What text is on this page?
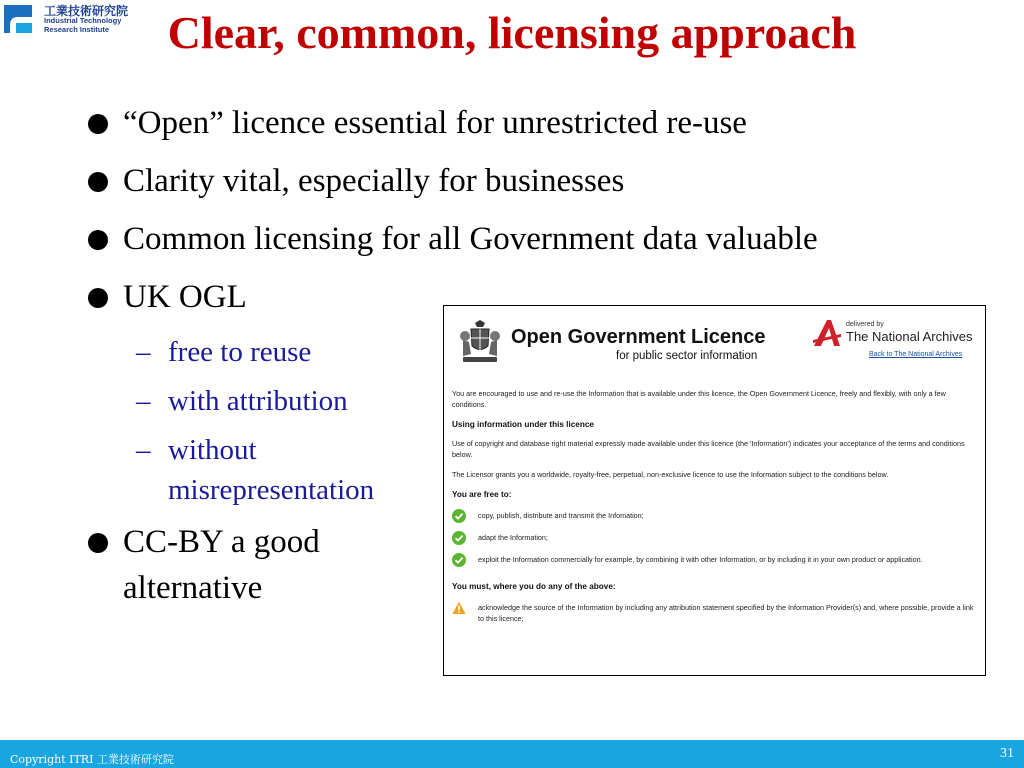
工業技術研究院
Industrial Technology
Research Institute	Clear, common, licensing approach
“Open” licence essential for unrestricted re-use
Clarity vital, especially for businesses
Common licensing for all Government data valuable
UK OGL
– free to reuse
– with attribution
– without misrepresentation
CC-BY a good alternative
Open Government Licence
for public sector information
delivered by
The National Archives
Back to The National Archives

You are encouraged to use and re-use the Information that is available under this licence, the Open Government Licence, freely and flexibly, with only a few conditions.

Using information under this licence

Use of copyright and database right material expressly made available under this licence (the 'Information') indicates your acceptance of the terms and conditions below.

The Licensor grants you a worldwide, royalty-free, perpetual, non-exclusive licence to use the Information subject to the conditions below.

You are free to:
copy, publish, distribute and transmit the Infomation;
adapt the Information;
exploit the Information commercially for example, by combining it with other Information, or by including it in your own product or application.
You must, where you do any of the above:
acknowledge the source of the Information by including any attribution statement specified by the Information Provider(s) and, where possible, provide a link to this licence;
Copyright ITRI 工業技術研究院	31
